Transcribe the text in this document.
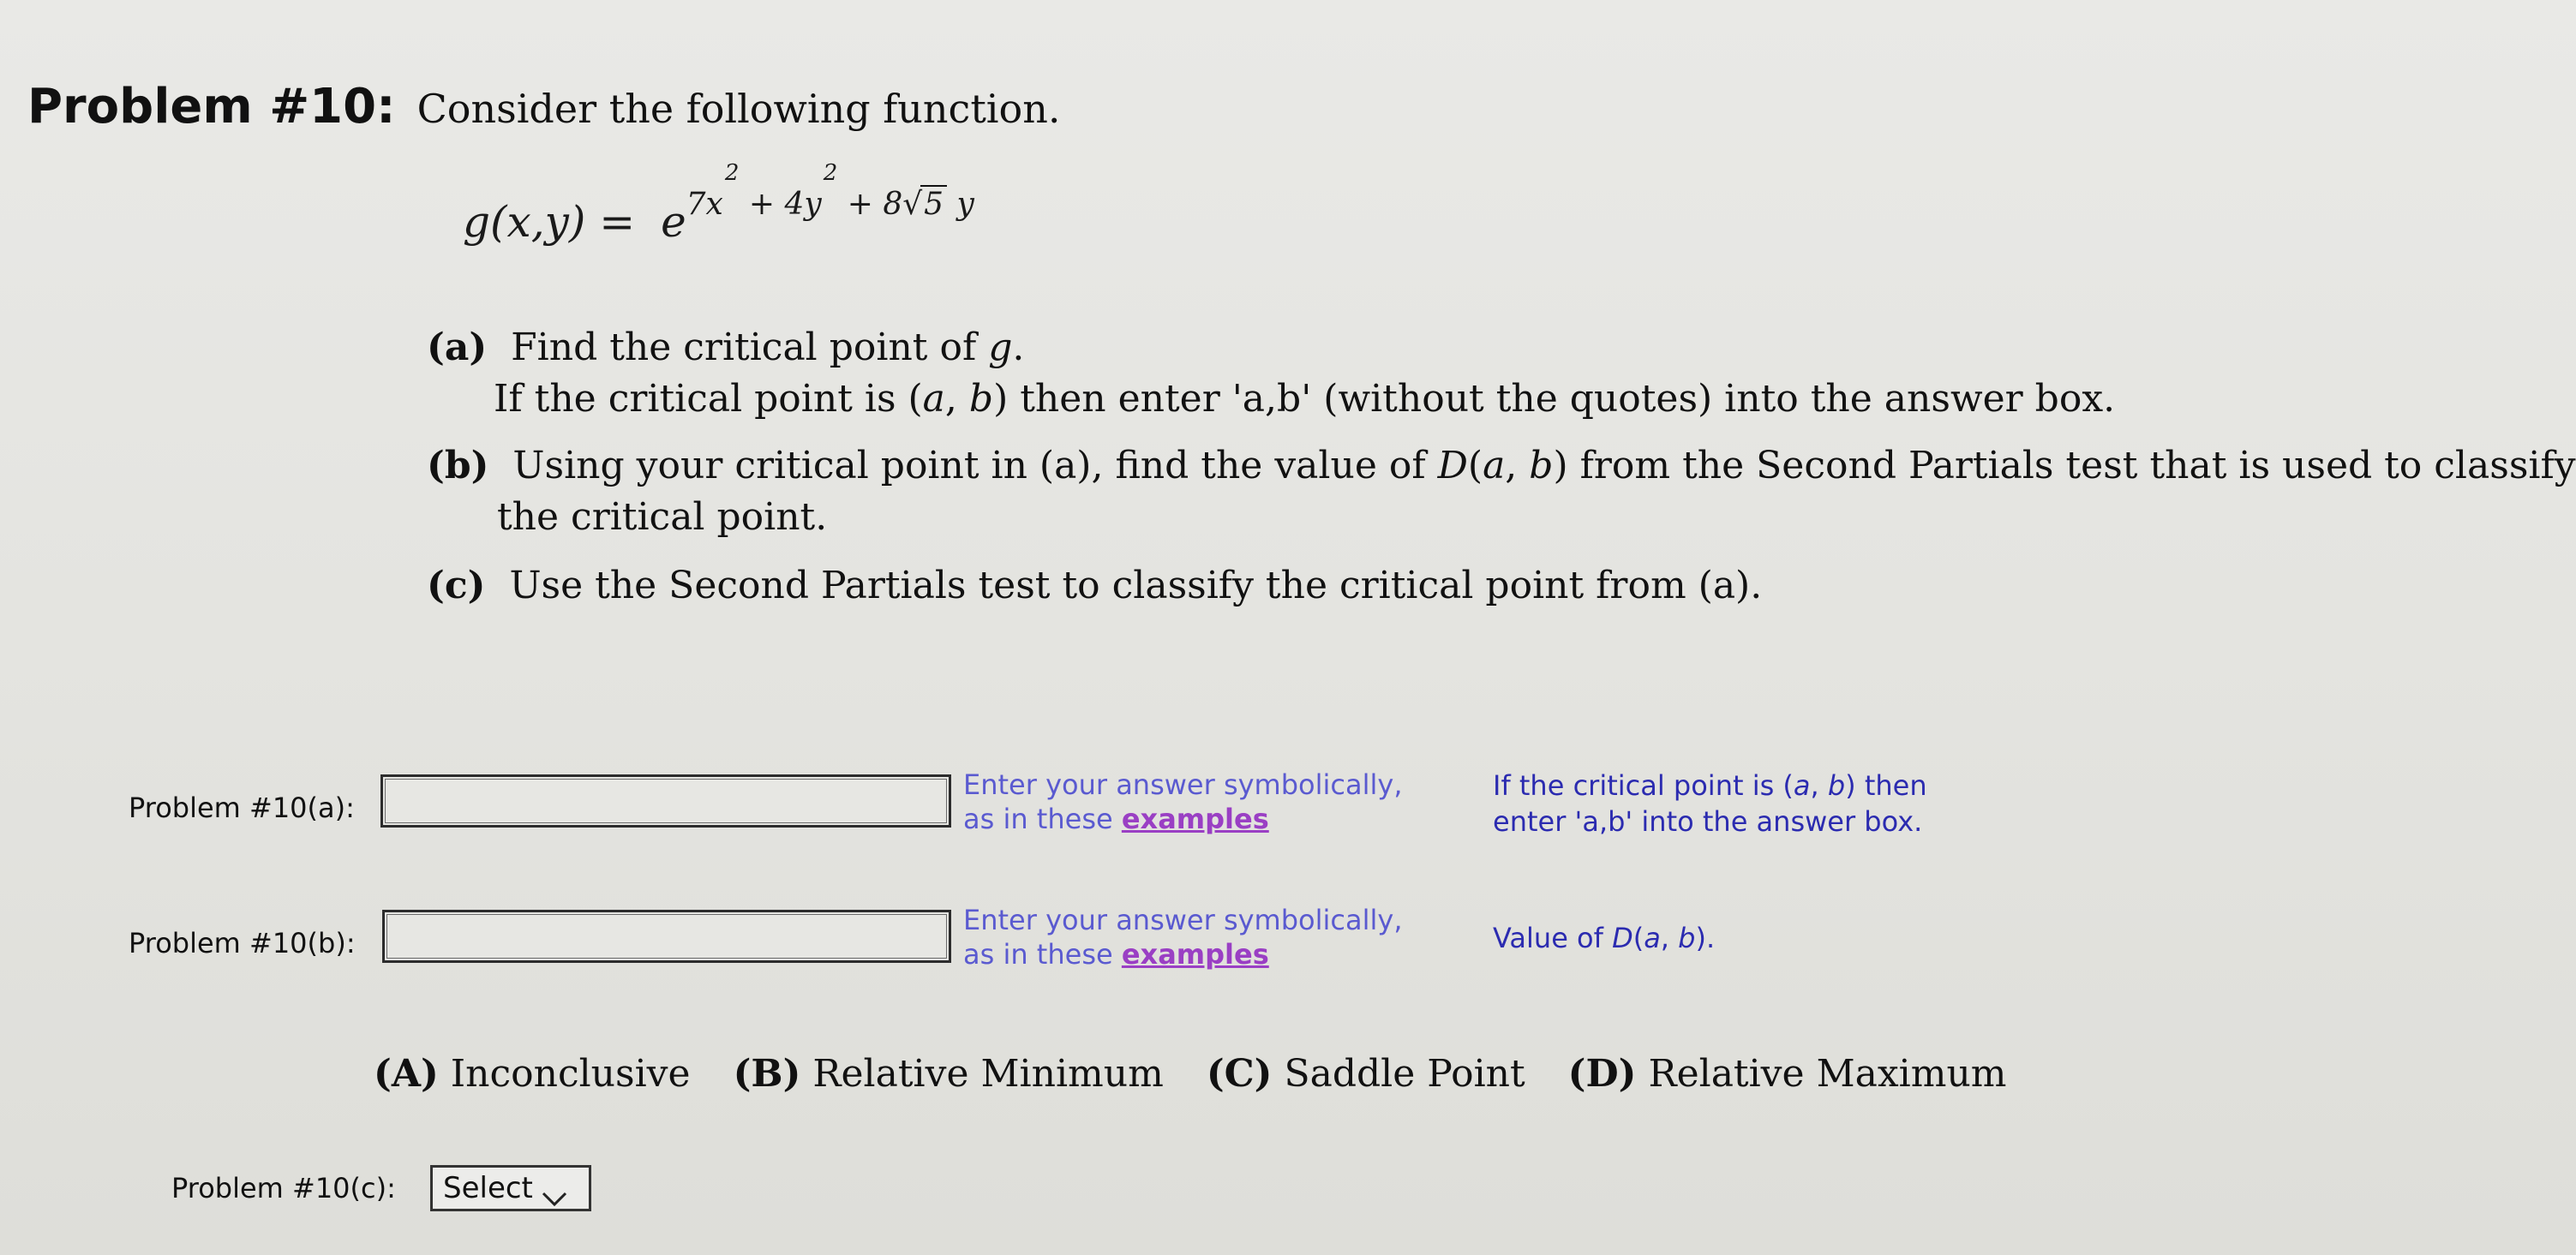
Problem #10: Consider the following function.
$g(x,y) = e^{7x^2 + 4y^2 + 8√5 y}$
(a) Find the critical point of g.
If the critical point is (a, b) then enter 'a,b' (without the quotes) into the answer box.
(b) Using your critical point in (a), find the value of D(a, b) from the Second Partials test that is used to classify
the critical point.
(c) Use the Second Partials test to classify the critical point from (a).
Problem #10(a):
Enter your answer symbolically,
as in these examples
If the critical point is (a, b) then
enter 'a,b' into the answer box.
Problem #10(b):
Enter your answer symbolically,
as in these examples	Value of D(a, b).
(A) Inconclusive (B) Relative Minimum (C) Saddle Point (D) Relative Maximum
Problem #10(c): Select
